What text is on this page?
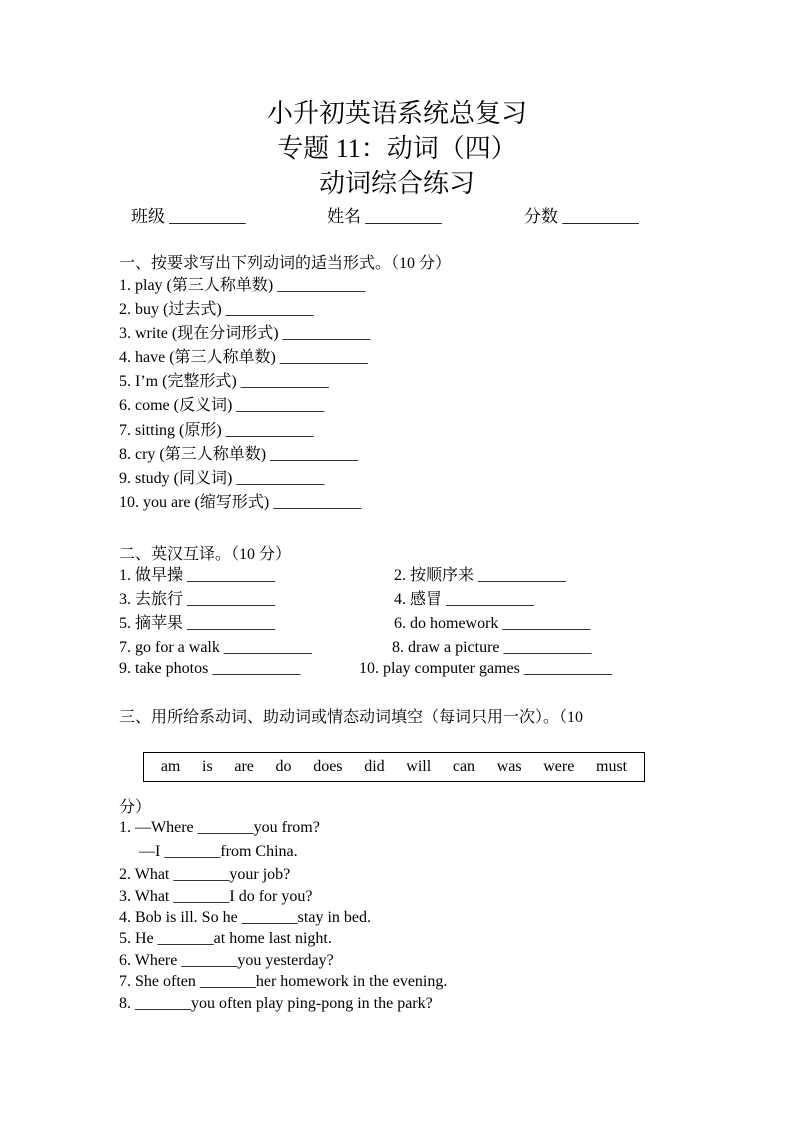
小升初英语系统总复习
专题 11：动词（四）
动词综合练习
班级 _________	姓名 _________	分数 _________
一、按要求写出下列动词的适当形式。（10 分）
1. play (第三人称单数) ___________
2. buy (过去式) ___________
3. write (现在分词形式) ___________
4. have (第三人称单数) ___________
5. I’m (完整形式) ___________
6. come (反义词) ___________
7. sitting (原形) ___________
8. cry (第三人称单数) ___________
9. study (同义词) ___________
10. you are (缩写形式) ___________
二、英汉互译。（10 分）
1. 做早操 ___________
3. 去旅行 ___________
5. 摘苹果 ___________
7. go for a walk ___________
9. take photos ___________
2. 按顺序来 ___________
4. 感冒 ___________
6. do homework ___________
8. draw a picture ___________
10. play computer games ___________
三、用所给系动词、助动词或情态动词填空（每词只用一次）。（10
am is are do does did will can was were must
分）
1. —Where _______you from?
—I _______from China.
2. What _______your job?
3. What _______I do for you?
4. Bob is ill. So he _______stay in bed.
5. He _______at home last night.
6. Where _______you yesterday?
7. She often _______her homework in the evening.
8. _______you often play ping-pong in the park?
